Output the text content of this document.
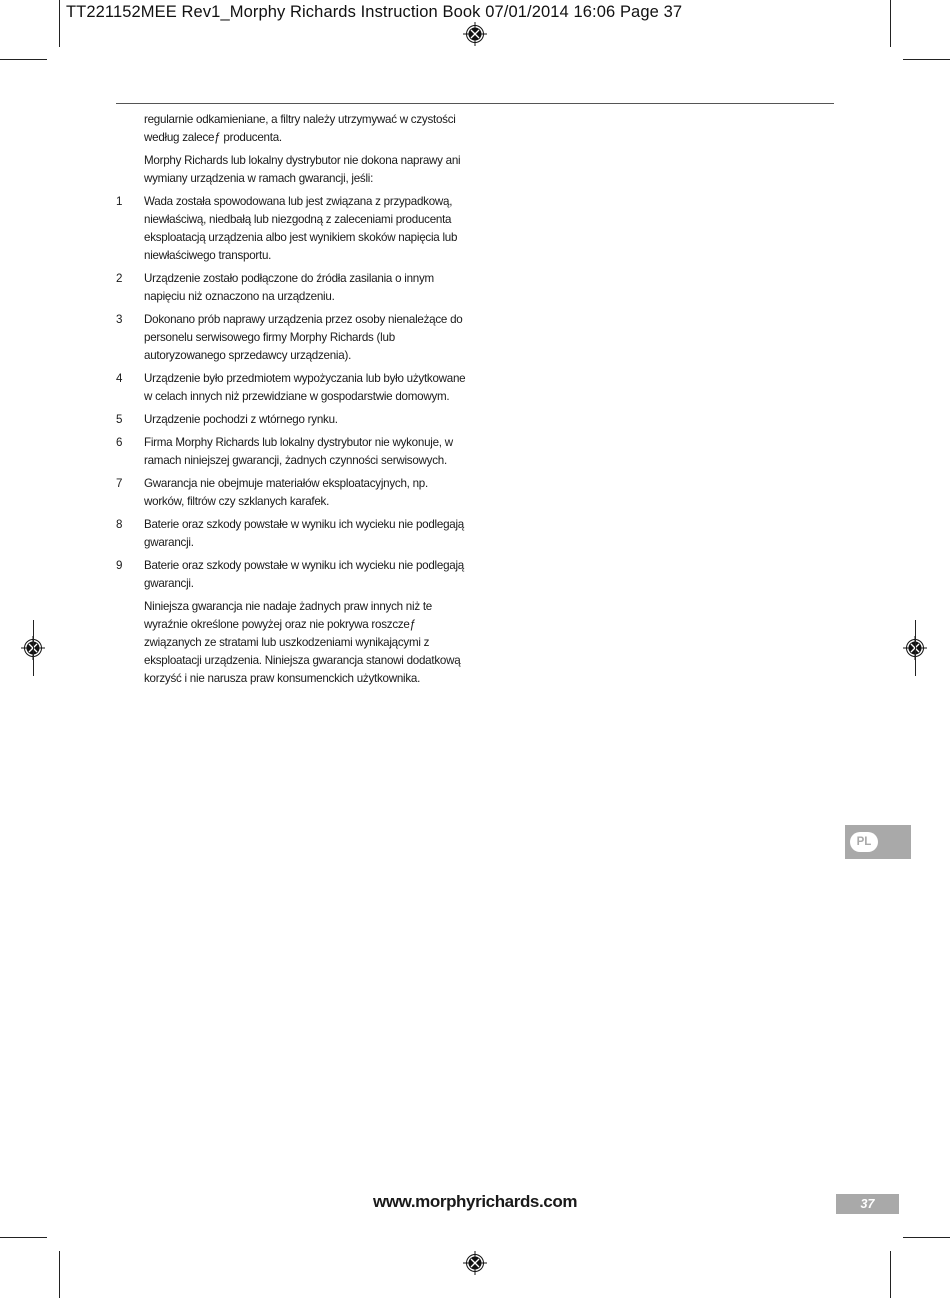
TT221152MEE Rev1_Morphy Richards Instruction Book 07/01/2014 16:06 Page 37

regularnie odkamieniane, a filtry należy utrzymywać w czystości według zaleceƒ producenta.

Morphy Richards lub lokalny dystrybutor nie dokona naprawy ani wymiany urządzenia w ramach gwarancji, jeśli:

1	Wada została spowodowana lub jest związana z przypadkową, niewłaściwą, niedbałą lub niezgodną z zaleceniami producenta eksploatacją urządzenia albo jest wynikiem skoków napięcia lub niewłaściwego transportu.
2	Urządzenie zostało podłączone do źródła zasilania o innym napięciu niż oznaczono na urządzeniu.
3	Dokonano prób naprawy urządzenia przez osoby nienależące do personelu serwisowego firmy Morphy Richards (lub autoryzowanego sprzedawcy urządzenia).
4	Urządzenie było przedmiotem wypożyczania lub było użytkowane w celach innych niż przewidziane w gospodarstwie domowym.
5	Urządzenie pochodzi z wtórnego rynku.
6	Firma Morphy Richards lub lokalny dystrybutor nie wykonuje, w ramach niniejszej gwarancji, żadnych czynności serwisowych.
7	Gwarancja nie obejmuje materiałów eksploatacyjnych, np. worków, filtrów czy szklanych karafek.
8	Baterie oraz szkody powstałe w wyniku ich wycieku nie podlegają gwarancji.
9	Baterie oraz szkody powstałe w wyniku ich wycieku nie podlegają gwarancji.

Niniejsza gwarancja nie nadaje żadnych praw innych niż te wyraźnie określone powyżej oraz nie pokrywa roszczeƒ związanych ze stratami lub uszkodzeniami wynikającymi z eksploatacji urządzenia. Niniejsza gwarancja stanowi dodatkową korzyść i nie narusza praw konsumenckich użytkownika.

PL
www.morphyrichards.com	37
